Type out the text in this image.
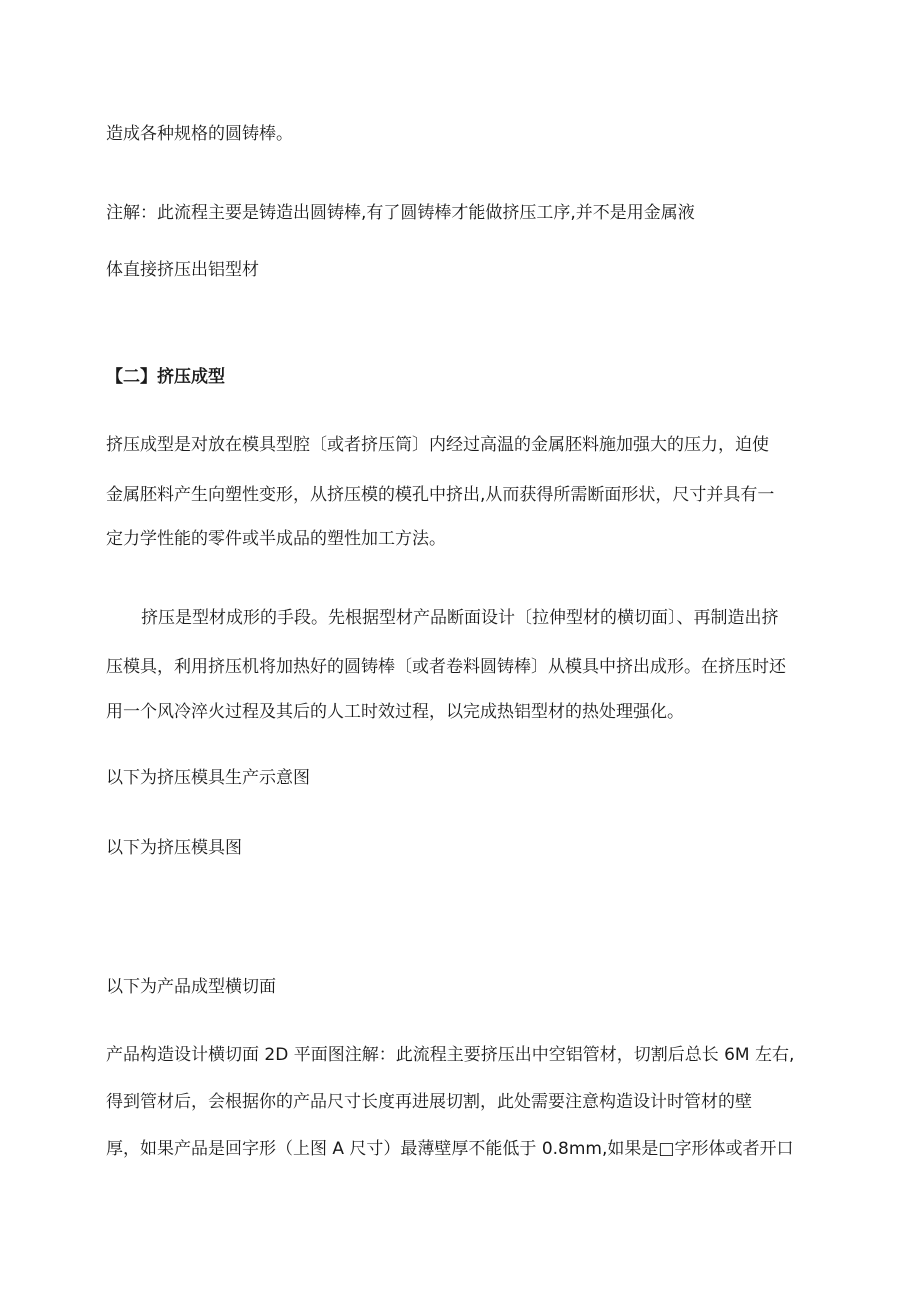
造成各种规格的圆铸棒。
注解：此流程主要是铸造出圆铸棒,有了圆铸棒才能做挤压工序,并不是用金属液
体直接挤压出铝型材
【二】挤压成型
挤压成型是对放在模具型腔〔或者挤压筒〕内经过高温的金属胚料施加强大的压力，迫使
金属胚料产生向塑性变形，从挤压模的模孔中挤出,从而获得所需断面形状，尺寸并具有一
定力学性能的零件或半成品的塑性加工方法。
挤压是型材成形的手段。先根据型材产品断面设计〔拉伸型材的横切面〕、再制造出挤
压模具，利用挤压机将加热好的圆铸棒〔或者卷料圆铸棒〕从模具中挤出成形。在挤压时还
用一个风冷淬火过程及其后的人工时效过程，以完成热铝型材的热处理强化。
以下为挤压模具生产示意图
以下为挤压模具图
以下为产品成型横切面
产品构造设计横切面 2D 平面图注解：此流程主要挤压出中空铝管材，切割后总长 6M 左右,
得到管材后，会根据你的产品尺寸长度再进展切割，此处需要注意构造设计时管材的壁
厚，如果产品是回字形（上图 A 尺寸）最薄壁厚不能低于 0.8mm,如果是□字形体或者开口
